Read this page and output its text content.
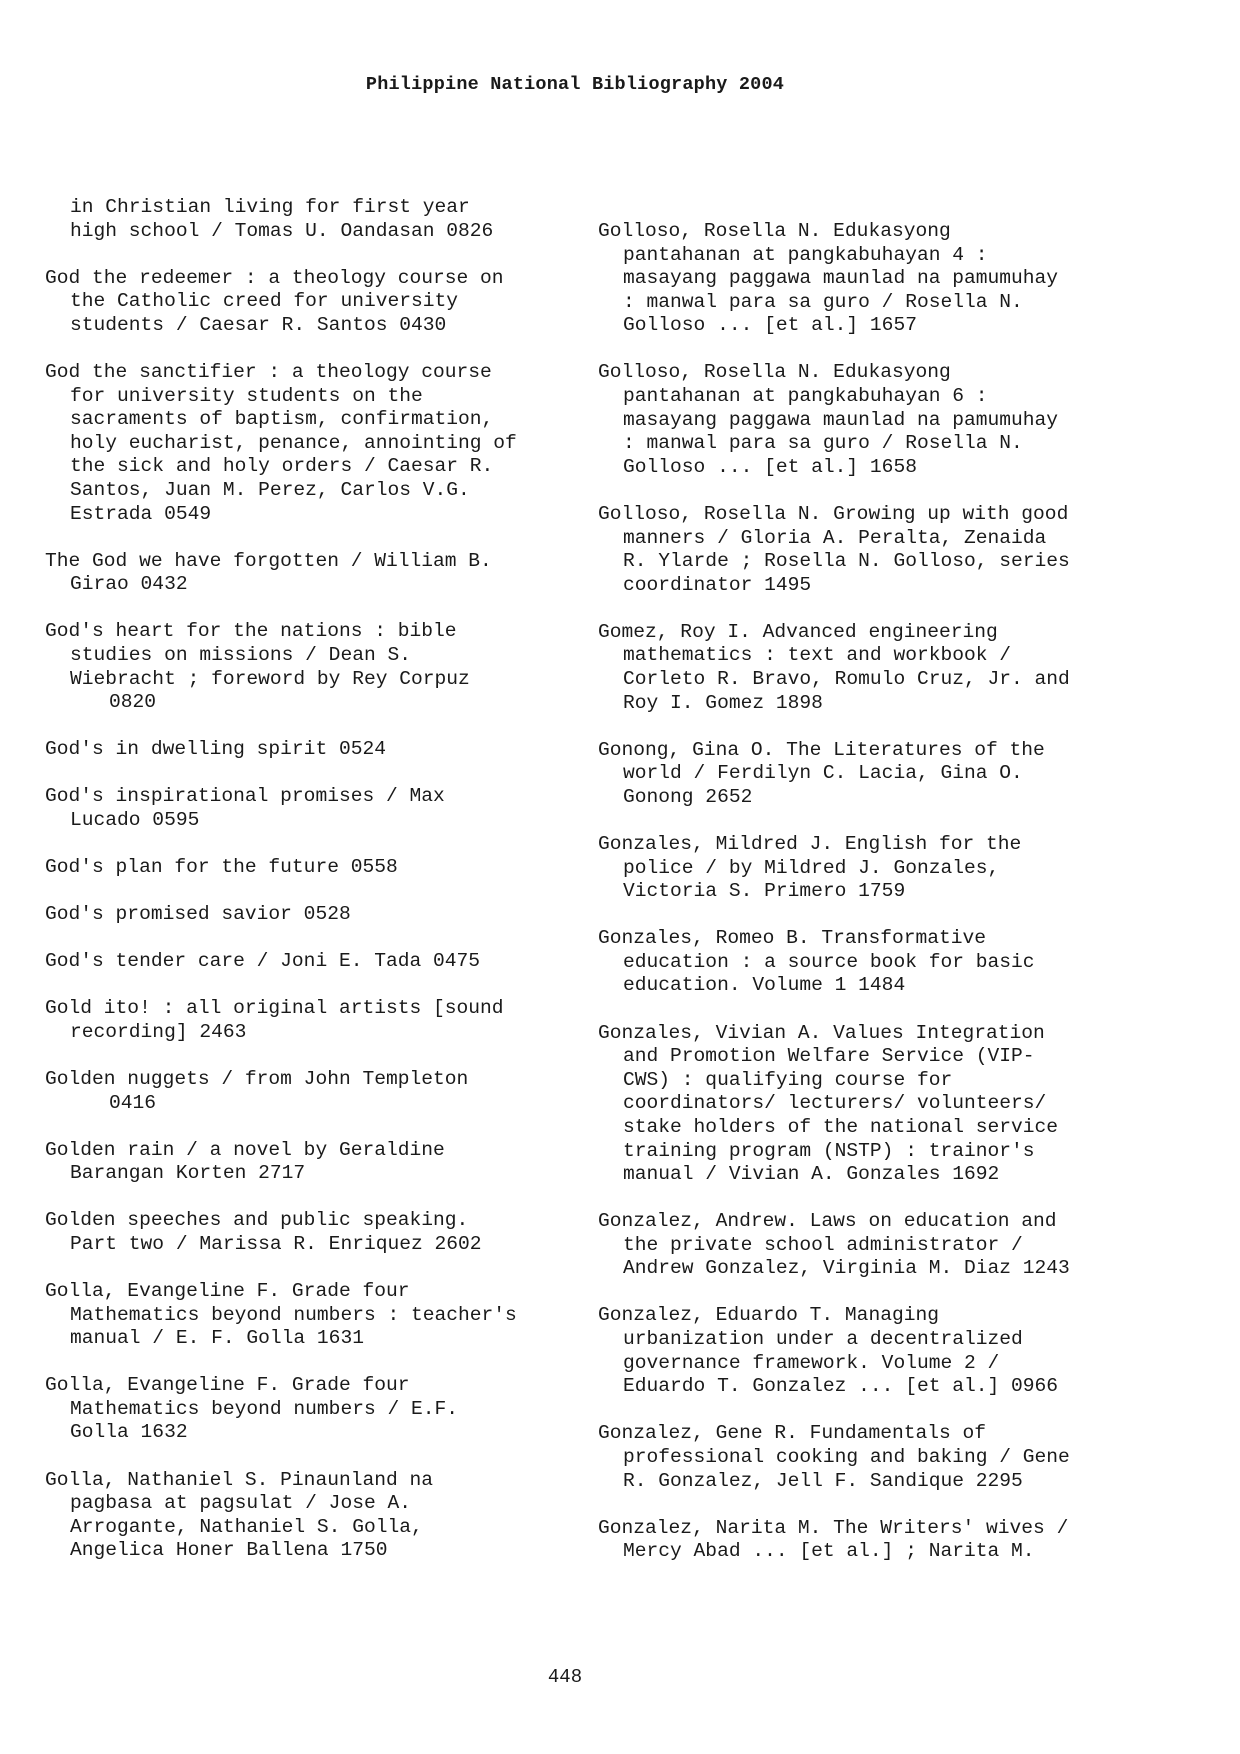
Philippine National Bibliography 2004
in Christian living for first year
high school / Tomas U. Oandasan 0826
God the redeemer : a theology course on
the Catholic creed for university
students / Caesar R. Santos 0430
God the sanctifier : a theology course
for university students on the
sacraments of baptism, confirmation,
holy eucharist, penance, annointing of
the sick and holy orders / Caesar R.
Santos, Juan M. Perez, Carlos V.G.
Estrada 0549
The God we have forgotten / William B.
Girao 0432
God's heart for the nations : bible
studies on missions / Dean S.
Wiebracht ; foreword by Rey Corpuz
0820
God's in dwelling spirit 0524
God's inspirational promises / Max
Lucado 0595
God's plan for the future 0558
God's promised savior 0528
God's tender care / Joni E. Tada 0475
Gold ito! : all original artists [sound
recording] 2463
Golden nuggets / from John Templeton
0416
Golden rain / a novel by Geraldine
Barangan Korten 2717
Golden speeches and public speaking.
Part two / Marissa R. Enriquez 2602
Golla, Evangeline F. Grade four
Mathematics beyond numbers : teacher's
manual / E. F. Golla 1631
Golla, Evangeline F. Grade four
Mathematics beyond numbers / E.F.
Golla 1632
Golla, Nathaniel S. Pinaunland na
pagbasa at pagsulat / Jose A.
Arrogante, Nathaniel S. Golla,
Angelica Honer Ballena 1750
Golloso, Rosella N. Edukasyong
pantahanan at pangkabuhayan 4 :
masayang paggawa maunlad na pamumuhay
: manwal para sa guro / Rosella N.
Golloso ... [et al.] 1657
Golloso, Rosella N. Edukasyong
pantahanan at pangkabuhayan 6 :
masayang paggawa maunlad na pamumuhay
: manwal para sa guro / Rosella N.
Golloso ... [et al.] 1658
Golloso, Rosella N. Growing up with good
manners / Gloria A. Peralta, Zenaida
R. Ylarde ; Rosella N. Golloso, series
coordinator 1495
Gomez, Roy I. Advanced engineering
mathematics : text and workbook /
Corleto R. Bravo, Romulo Cruz, Jr. and
Roy I. Gomez 1898
Gonong, Gina O. The Literatures of the
world / Ferdilyn C. Lacia, Gina O.
Gonong 2652
Gonzales, Mildred J. English for the
police / by Mildred J. Gonzales,
Victoria S. Primero 1759
Gonzales, Romeo B. Transformative
education : a source book for basic
education. Volume 1 1484
Gonzales, Vivian A. Values Integration
and Promotion Welfare Service (VIP-
CWS) : qualifying course for
coordinators/ lecturers/ volunteers/
stake holders of the national service
training program (NSTP) : trainor's
manual / Vivian A. Gonzales 1692
Gonzalez, Andrew. Laws on education and
the private school administrator /
Andrew Gonzalez, Virginia M. Diaz 1243
Gonzalez, Eduardo T. Managing
urbanization under a decentralized
governance framework. Volume 2 /
Eduardo T. Gonzalez ... [et al.] 0966
Gonzalez, Gene R. Fundamentals of
professional cooking and baking / Gene
R. Gonzalez, Jell F. Sandique 2295
Gonzalez, Narita M. The Writers' wives /
Mercy Abad ... [et al.] ; Narita M.
448
